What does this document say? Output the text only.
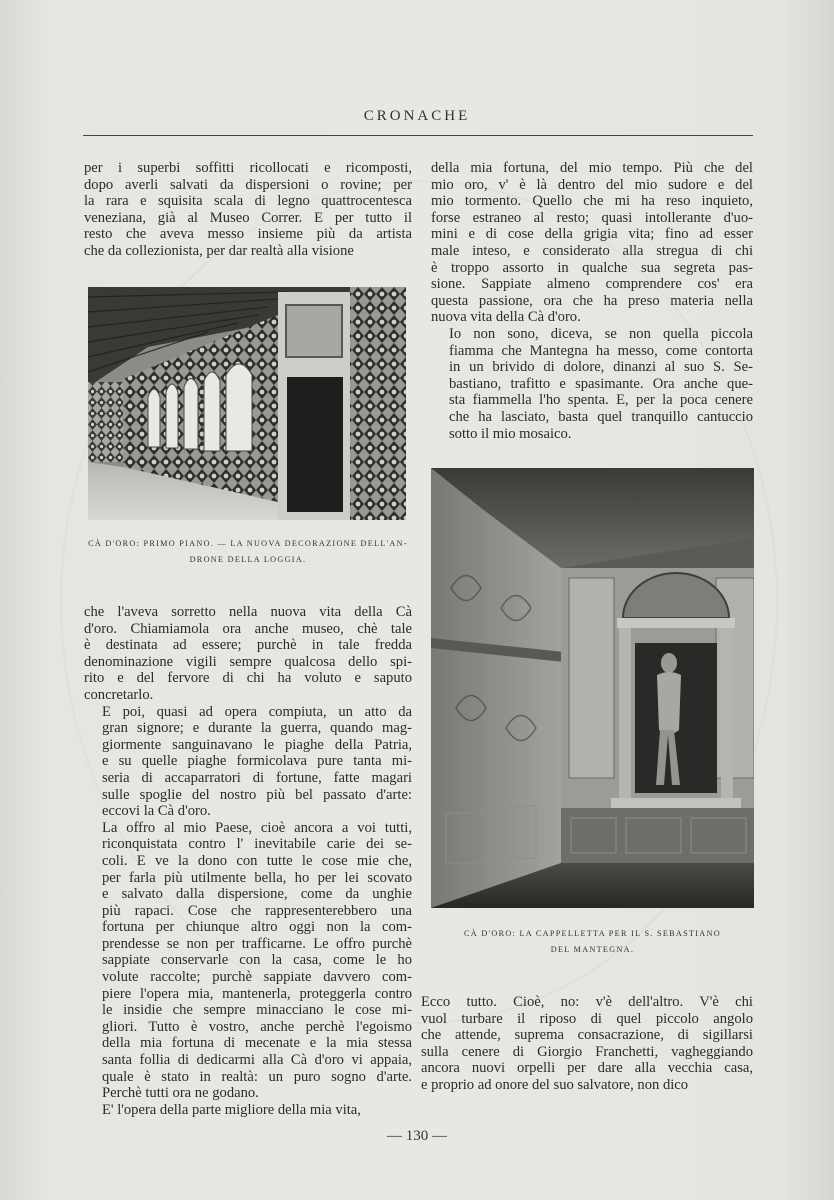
CRONACHE

per i superbi soffitti ricollocati e ricomposti,
dopo averli salvati da dispersioni o rovine; per
la rara e squisita scala di legno quattrocentesca
veneziana, già al Museo Correr. E per tutto il
resto che aveva messo insieme più da artista
che da collezionista, per dar realtà alla visione

CÀ D'ORO: PRIMO PIANO. — LA NUOVA DECORAZIONE DELL'AN-
DRONE DELLA LOGGIA.

della mia fortuna, del mio tempo. Più che del
mio oro, v' è là dentro del mio sudore e del
mio tormento. Quello che mi ha reso inquieto,
forse estraneo al resto; quasi intollerante d'uo-
mini e di cose della grigia vita; fino ad esser
male inteso, e considerato alla stregua di chi
è troppo assorto in qualche sua segreta pas-
sione. Sappiate almeno comprendere cos' era
questa passione, ora che ha preso materia nella
nuova vita della Cà d'oro.

Io non sono, diceva, se non quella piccola
fiamma che Mantegna ha messo, come contorta
in un brivido di dolore, dinanzi al suo S. Se-
bastiano, trafitto e spasimante. Ora anche que-
sta fiammella l'ho spenta. E, per la poca cenere
che ha lasciato, basta quel tranquillo cantuccio
sotto il mio mosaico.

CÀ D'ORO: LA CAPPELLETTA PER IL S. SEBASTIANO
DEL MANTEGNA.

che l'aveva sorretto nella nuova vita della Cà
d'oro. Chiamiamola ora anche museo, chè tale
è destinata ad essere; purchè in tale fredda
denominazione vigili sempre qualcosa dello spi-
rito e del fervore di chi ha voluto e saputo
concretarlo.

E poi, quasi ad opera compiuta, un atto da
gran signore; e durante la guerra, quando mag-
giormente sanguinavano le piaghe della Patria,
e su quelle piaghe formicolava pure tanta mi-
seria di accaparratori di fortune, fatte magari
sulle spoglie del nostro più bel passato d'arte:
eccovi la Cà d'oro.

La offro al mio Paese, cioè ancora a voi tutti,
riconquistata contro l' inevitabile carie dei se-
coli. E ve la dono con tutte le cose mie che,
per farla più utilmente bella, ho per lei scovato
e salvato dalla dispersione, come da unghie
più rapaci. Cose che rappresenterebbero una
fortuna per chiunque altro oggi non la com-
prendesse se non per trafficarne. Le offro purchè
sappiate conservarle con la casa, come le ho
volute raccolte; purchè sappiate davvero com-
piere l'opera mia, mantenerla, proteggerla contro
le insidie che sempre minacciano le cose mi-
gliori. Tutto è vostro, anche perchè l'egoismo
della mia fortuna di mecenate e la mia stessa
santa follia di dedicarmi alla Cà d'oro vi appaia,
quale è stato in realtà: un puro sogno d'arte.
Perchè tutti ora ne godano.

E' l'opera della parte migliore della mia vita,

Ecco tutto. Cioè, no: v'è dell'altro. V'è chi
vuol turbare il riposo di quel piccolo angolo
che attende, suprema consacrazione, di sigillarsi
sulla cenere di Giorgio Franchetti, vagheggiando
ancora nuovi orpelli per dare alla vecchia casa,
e proprio ad onore del suo salvatore, non dico

— 130 —
